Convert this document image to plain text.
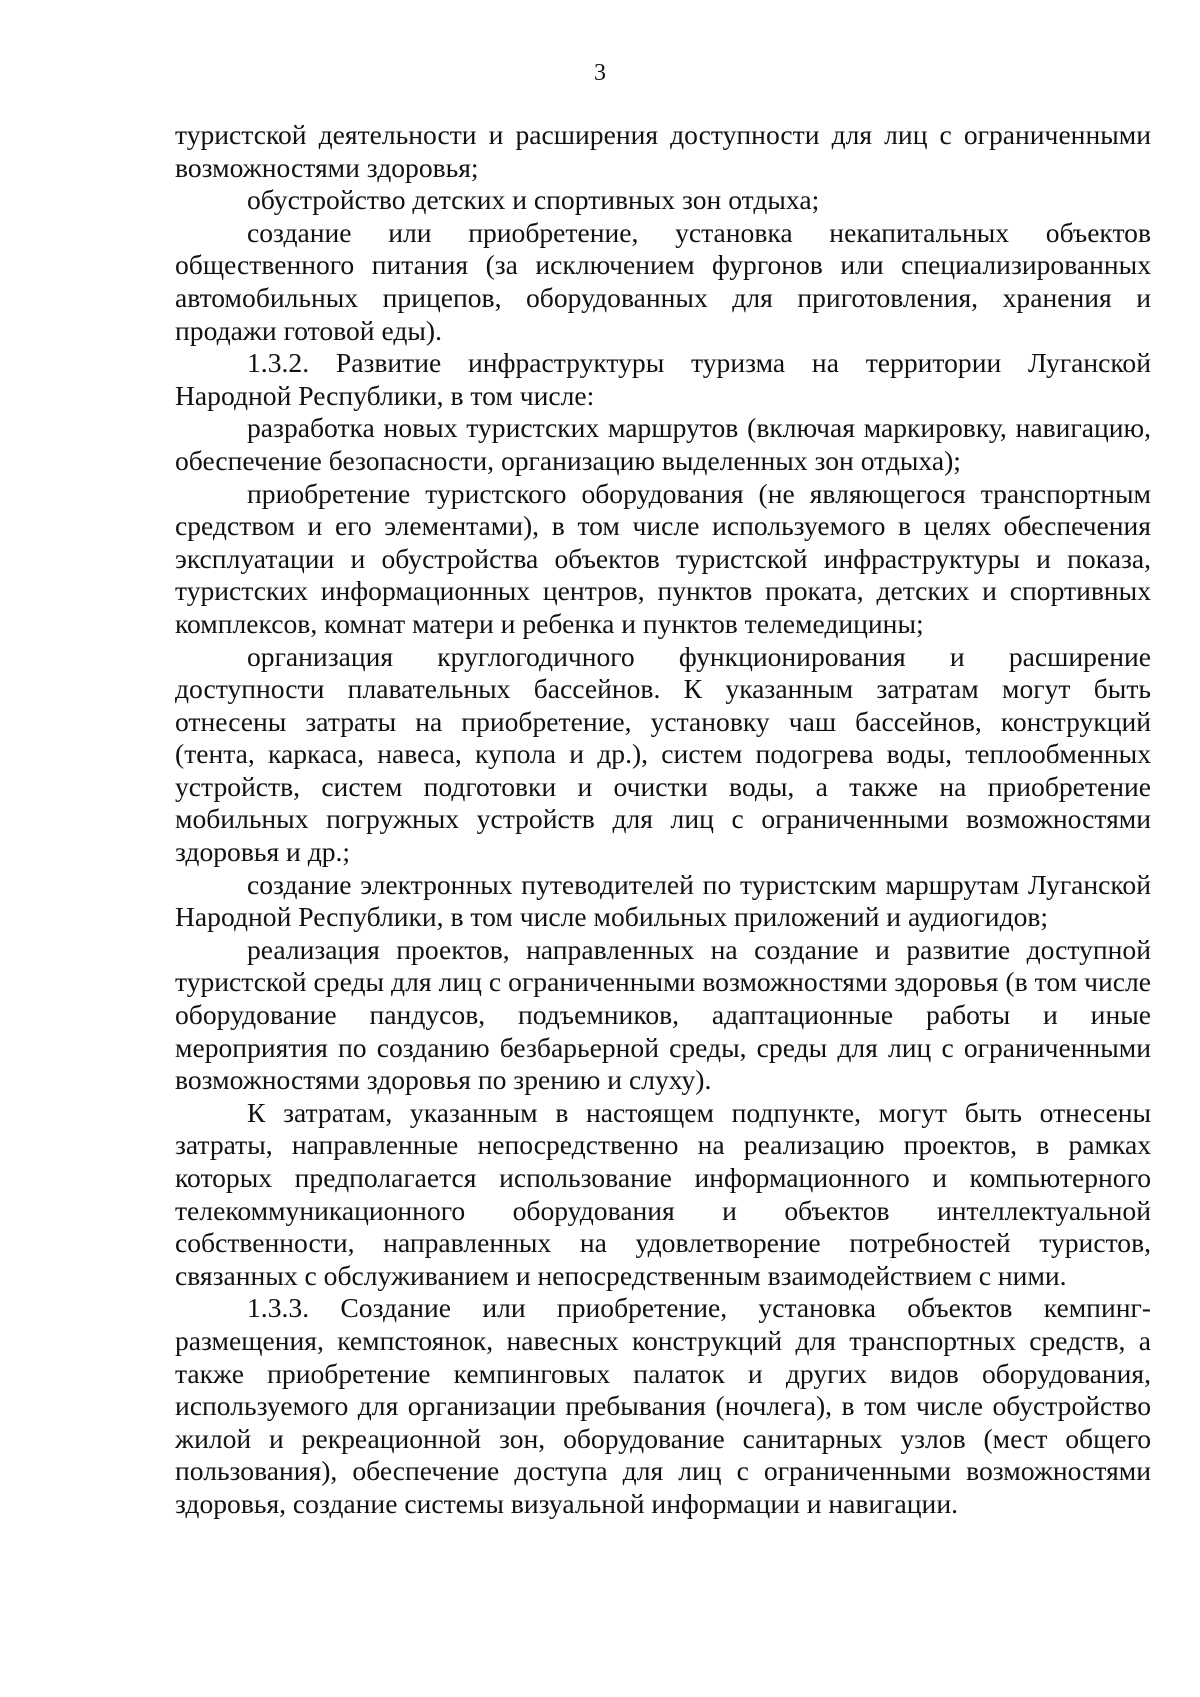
3

туристской деятельности и расширения доступности для лиц с ограниченными возможностями здоровья;

обустройство детских и спортивных зон отдыха;

создание или приобретение, установка некапитальных объектов общественного питания (за исключением фургонов или специализированных автомобильных прицепов, оборудованных для приготовления, хранения и продажи готовой еды).

1.3.2. Развитие инфраструктуры туризма на территории Луганской Народной Республики, в том числе:

разработка новых туристских маршрутов (включая маркировку, навигацию, обеспечение безопасности, организацию выделенных зон отдыха);

приобретение туристского оборудования (не являющегося транспортным средством и его элементами), в том числе используемого в целях обеспечения эксплуатации и обустройства объектов туристской инфраструктуры и показа, туристских информационных центров, пунктов проката, детских и спортивных комплексов, комнат матери и ребенка и пунктов телемедицины;

организация круглогодичного функционирования и расширение доступности плавательных бассейнов. К указанным затратам могут быть отнесены затраты на приобретение, установку чаш бассейнов, конструкций (тента, каркаса, навеса, купола и др.), систем подогрева воды, теплообменных устройств, систем подготовки и очистки воды, а также на приобретение мобильных погружных устройств для лиц с ограниченными возможностями здоровья и др.;

создание электронных путеводителей по туристским маршрутам Луганской Народной Республики, в том числе мобильных приложений и аудиогидов;

реализация проектов, направленных на создание и развитие доступной туристской среды для лиц с ограниченными возможностями здоровья (в том числе оборудование пандусов, подъемников, адаптационные работы и иные мероприятия по созданию безбарьерной среды, среды для лиц с ограниченными возможностями здоровья по зрению и слуху).

К затратам, указанным в настоящем подпункте, могут быть отнесены затраты, направленные непосредственно на реализацию проектов, в рамках которых предполагается использование информационного и компьютерного телекоммуникационного оборудования и объектов интеллектуальной собственности, направленных на удовлетворение потребностей туристов, связанных с обслуживанием и непосредственным взаимодействием с ними.

1.3.3. Создание или приобретение, установка объектов кемпинг-размещения, кемпстоянок, навесных конструкций для транспортных средств, а также приобретение кемпинговых палаток и других видов оборудования, используемого для организации пребывания (ночлега), в том числе обустройство жилой и рекреационной зон, оборудование санитарных узлов (мест общего пользования), обеспечение доступа для лиц с ограниченными возможностями здоровья, создание системы визуальной информации и навигации.
